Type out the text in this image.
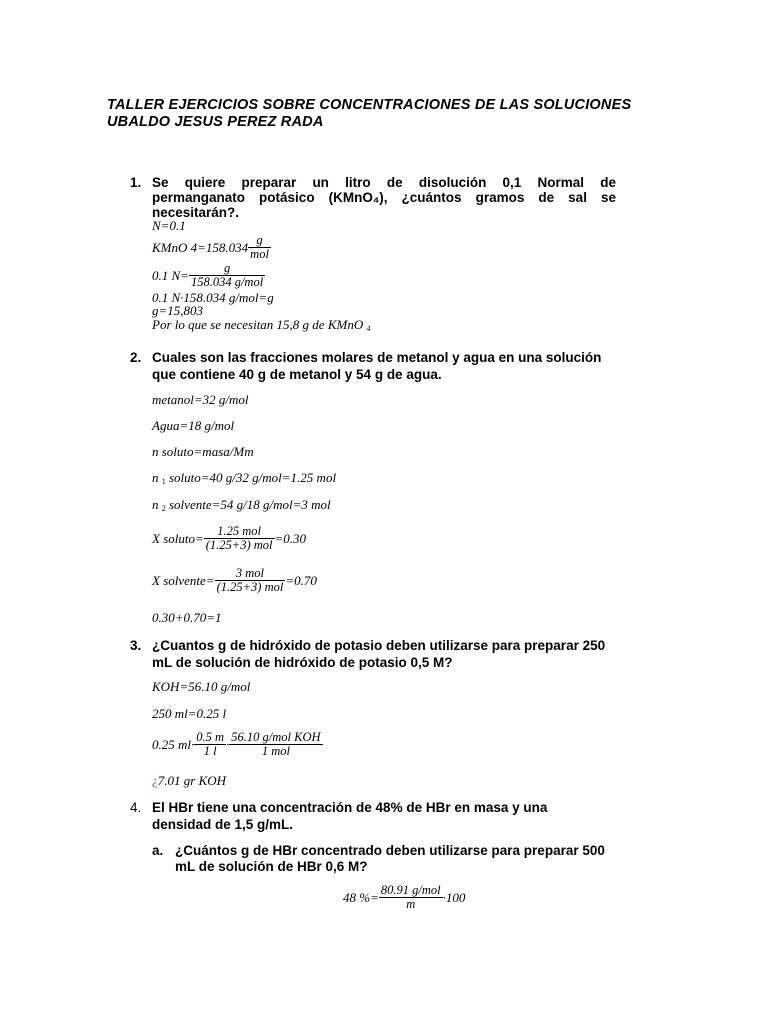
TALLER EJERCICIOS SOBRE CONCENTRACIONES DE LAS SOLUCIONES
UBALDO JESUS PEREZ RADA
1. Se quiere preparar un litro de disolución 0,1 Normal de
permanganato potásico (KMnO₄), ¿cuántos gramos de sal se
necesitarán?.
N=0.1
KMnO $4=158.034 \frac{g}{\text{mol}}$
0.1 $N= \frac{g}{\text{158.034 g/mol}}$
0.1 N·158.034 g/mol=g
g=15,803
Por lo que se necesitan 15,8 g de KMnO 4
2. Cuales son las fracciones molares de metanol y agua en una solución
que contiene 40 g de metanol y 54 g de agua.
metanol=32 g/mol
Agua=18 g/mol
n soluto=masa/Mm
n 1 soluto=40 g/32 g/mol=1.25 mol
n 2 solvente=54 g/18 g/mol=3 mol
X soluto= $\frac{\text{1.25 mol}}{\text{(1.25+3) mol}} =0.30$
X solvente= $\frac{\text{3 mol}}{\text{(1.25+3) mol}} =0.70$
0.30+0.70=1
3. ¿Cuantos g de hidróxido de potasio deben utilizarse para preparar 250
mL de solución de hidróxido de potasio 0,5 M?
KOH=56.10 g/mol
250 ml=0.25 l
0.25 $ml\cdot \frac{0.5 m}{1 l} \cdot \frac{\text{56.10 g/mol KOH}}{\text{1 mol}}$
¿7.01 gr KOH
4. El HBr tiene una concentración de 48% de HBr en masa y una
densidad de 1,5 g/mL.
a. ¿Cuántos g de HBr concentrado deben utilizarse para preparar 500
mL de solución de HBr 0,6 M?
48 %= $\frac{\text{80.91 g/mol}}{m} \cdot 100$
